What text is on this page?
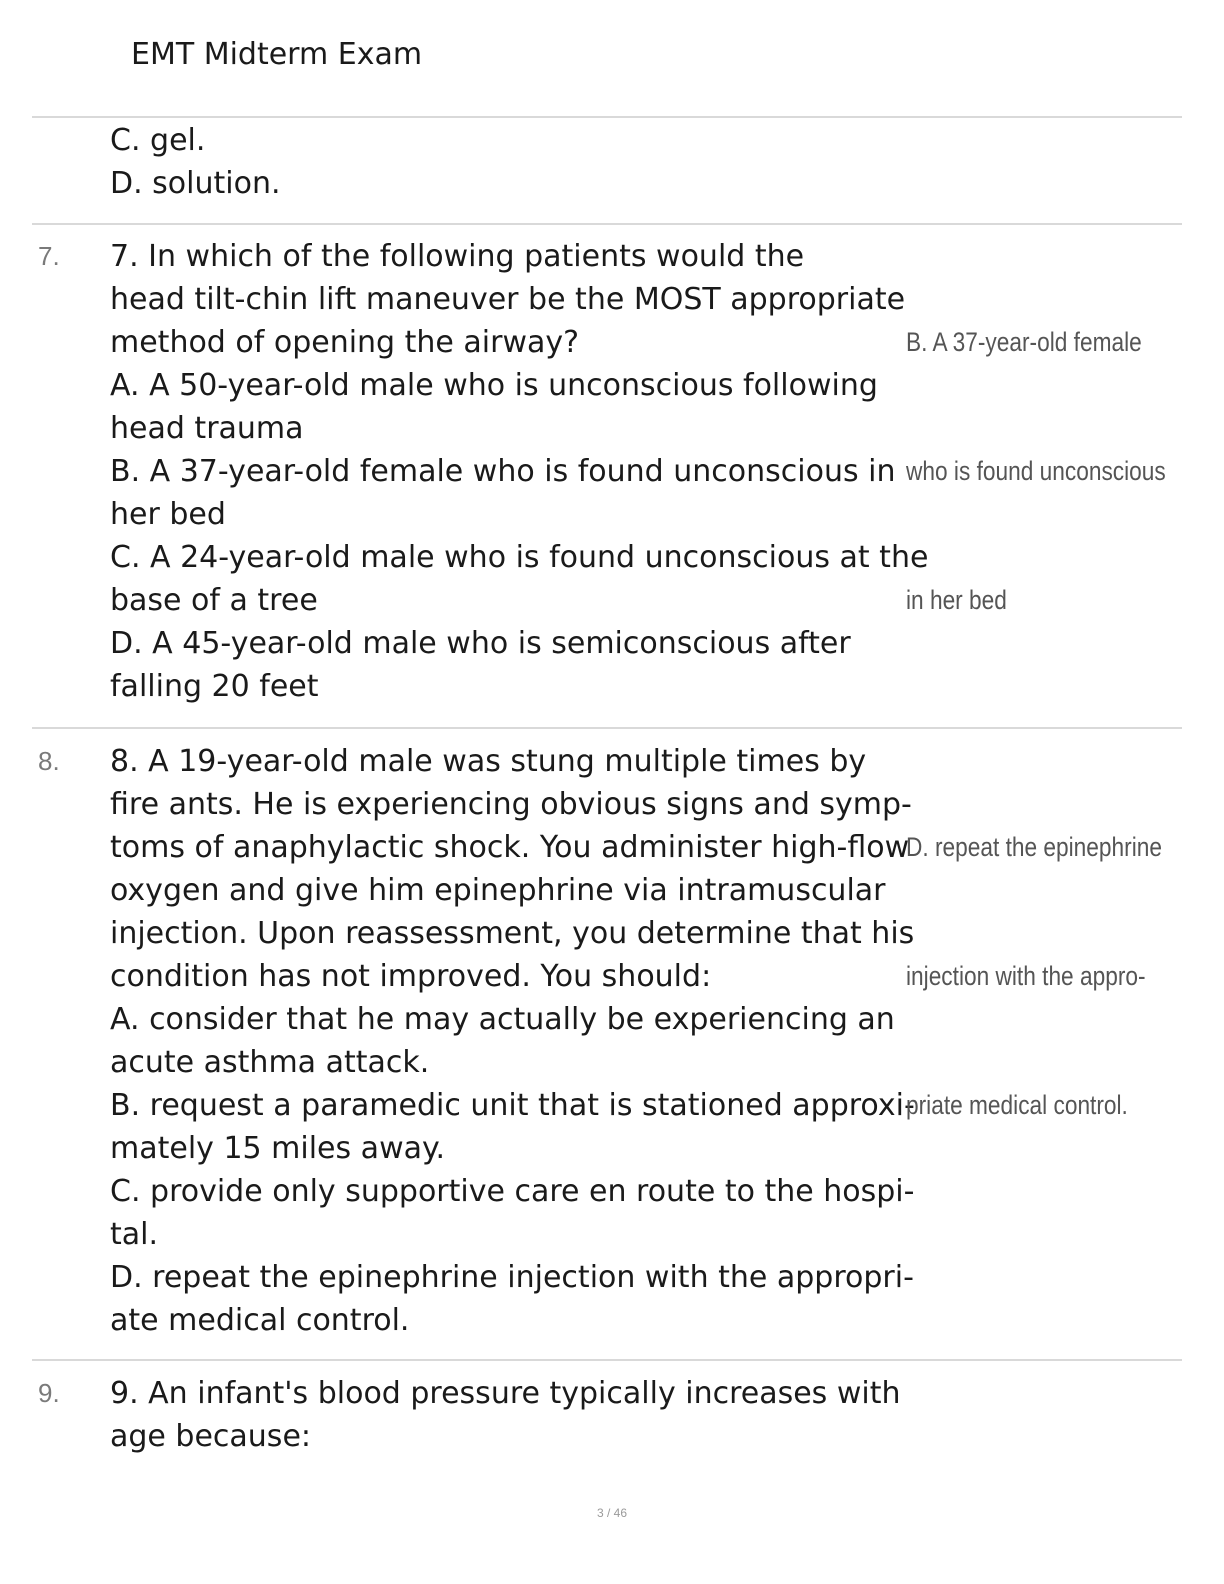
EMT Midterm Exam
C. gel.
D. solution.
7.	7. In which of the following patients would the
head tilt-chin lift maneuver be the MOST appropriate
method of opening the airway?
A. A 50-year-old male who is unconscious following
head trauma
B. A 37-year-old female who is found unconscious in
her bed
C. A 24-year-old male who is found unconscious at the
base of a tree
D. A 45-year-old male who is semiconscious after
falling 20 feet

B. A 37-year-old female

who is found unconscious

in her bed

8.	8. A 19-year-old male was stung multiple times by
fire ants. He is experiencing obvious signs and symp-
toms of anaphylactic shock. You administer high-flow
oxygen and give him epinephrine via intramuscular
injection. Upon reassessment, you determine that his
condition has not improved. You should:
A. consider that he may actually be experiencing an
acute asthma attack.
B. request a paramedic unit that is stationed approxi-
mately 15 miles away.
C. provide only supportive care en route to the hospi-
tal.
D. repeat the epinephrine injection with the appropri-
ate medical control.

D. repeat the epinephrine

injection with the appro-

priate medical control.

9.	9. An infant's blood pressure typically increases with
age because:
3 / 46
